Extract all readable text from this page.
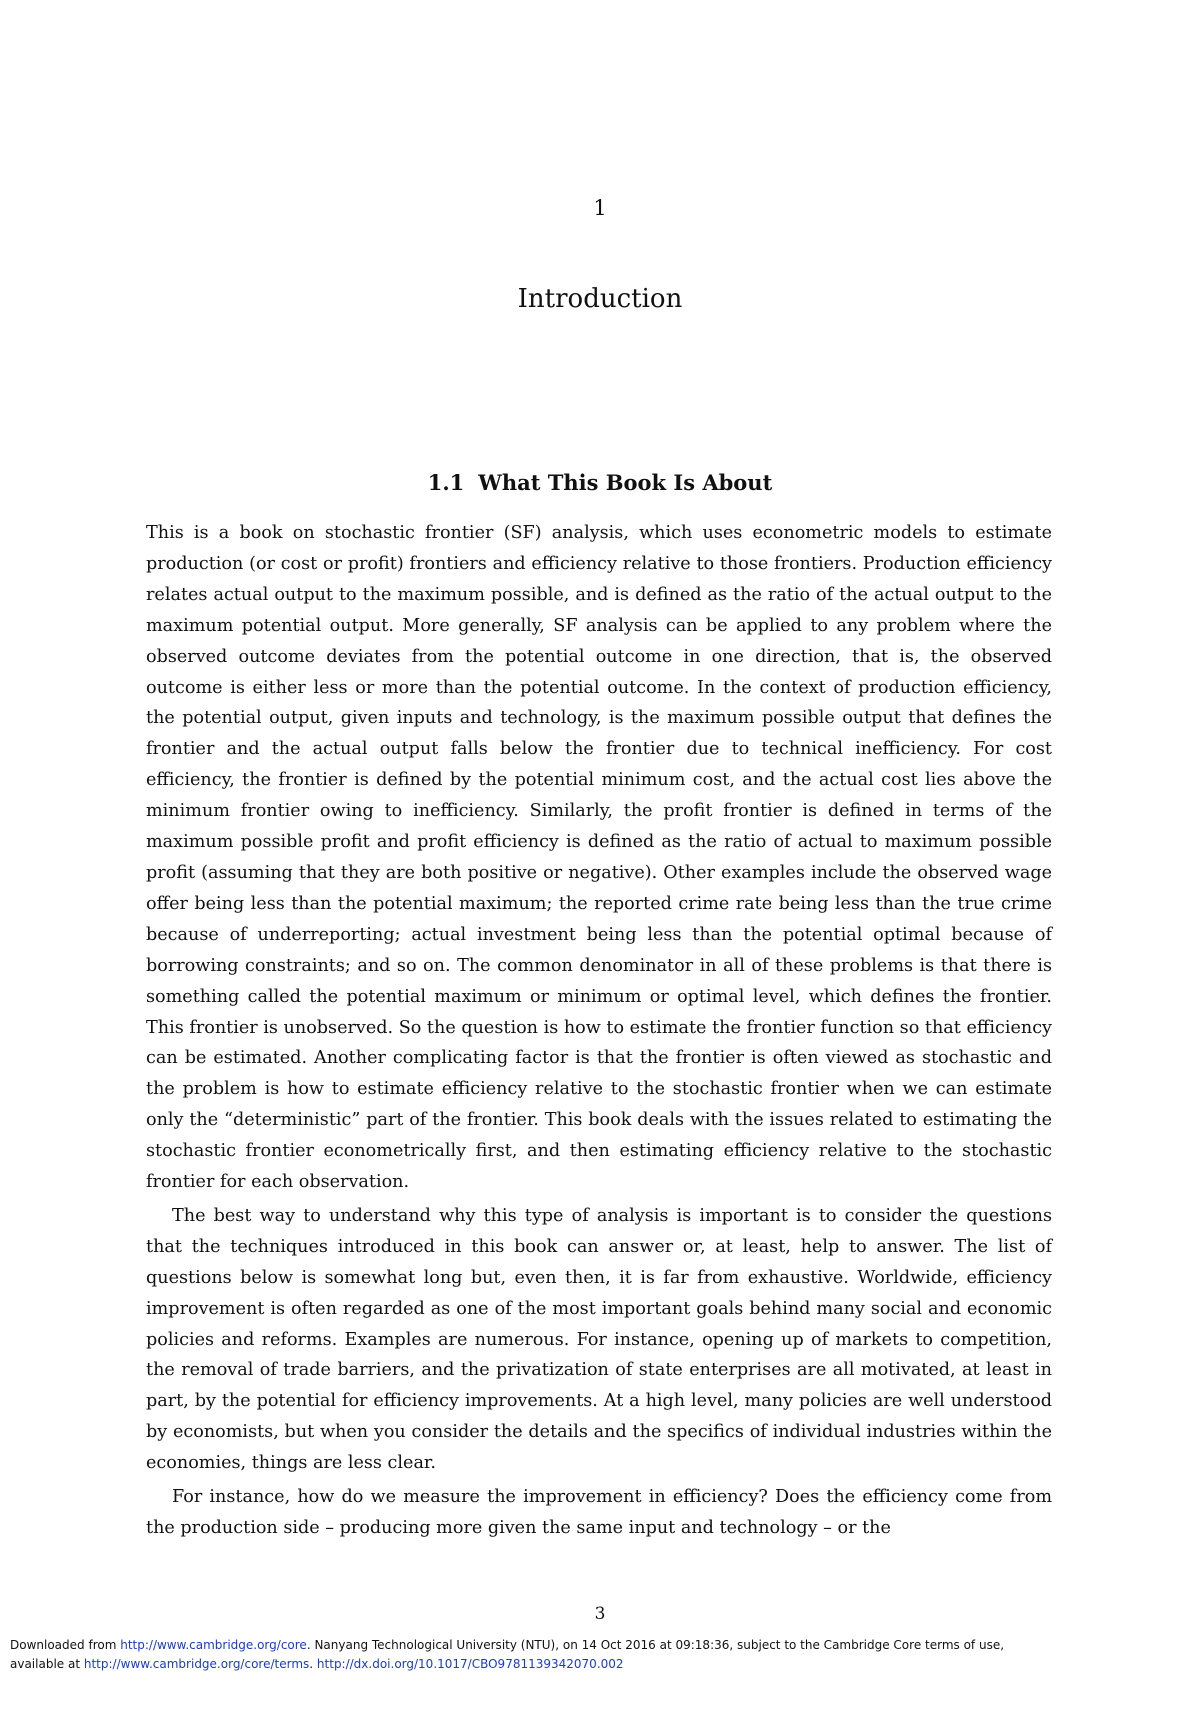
1
Introduction
1.1 What This Book Is About

This is a book on stochastic frontier (SF) analysis, which uses econometric models to estimate production (or cost or profit) frontiers and efficiency relative to those frontiers. Production efficiency relates actual output to the maximum possible, and is defined as the ratio of the actual output to the maximum potential output. More generally, SF analysis can be applied to any problem where the observed outcome deviates from the potential outcome in one direction, that is, the observed outcome is either less or more than the potential outcome. In the context of production efficiency, the potential output, given inputs and technology, is the maximum possible output that defines the frontier and the actual output falls below the frontier due to technical inefficiency. For cost efficiency, the frontier is defined by the potential minimum cost, and the actual cost lies above the minimum frontier owing to inefficiency. Similarly, the profit frontier is defined in terms of the maximum possible profit and profit efficiency is defined as the ratio of actual to maximum possible profit (assuming that they are both positive or negative). Other examples include the observed wage offer being less than the potential maximum; the reported crime rate being less than the true crime because of underreporting; actual investment being less than the potential optimal because of borrowing constraints; and so on. The common denominator in all of these problems is that there is something called the potential maximum or minimum or optimal level, which defines the frontier. This frontier is unobserved. So the question is how to estimate the frontier function so that efficiency can be estimated. Another complicating factor is that the frontier is often viewed as stochastic and the problem is how to estimate efficiency relative to the stochastic frontier when we can estimate only the “deterministic” part of the frontier. This book deals with the issues related to estimating the stochastic frontier econometrically first, and then estimating efficiency relative to the stochastic frontier for each observation.

The best way to understand why this type of analysis is important is to consider the questions that the techniques introduced in this book can answer or, at least, help to answer. The list of questions below is somewhat long but, even then, it is far from exhaustive. Worldwide, efficiency improvement is often regarded as one of the most important goals behind many social and economic policies and reforms. Examples are numerous. For instance, opening up of markets to competition, the removal of trade barriers, and the privatization of state enterprises are all motivated, at least in part, by the potential for efficiency improvements. At a high level, many policies are well understood by economists, but when you consider the details and the specifics of individual industries within the economies, things are less clear.

For instance, how do we measure the improvement in efficiency? Does the efficiency come from the production side – producing more given the same input and technology – or the

3
Downloaded from http://www.cambridge.org/core. Nanyang Technological University (NTU), on 14 Oct 2016 at 09:18:36, subject to the Cambridge Core terms of use,
available at http://www.cambridge.org/core/terms. http://dx.doi.org/10.1017/CBO9781139342070.002
